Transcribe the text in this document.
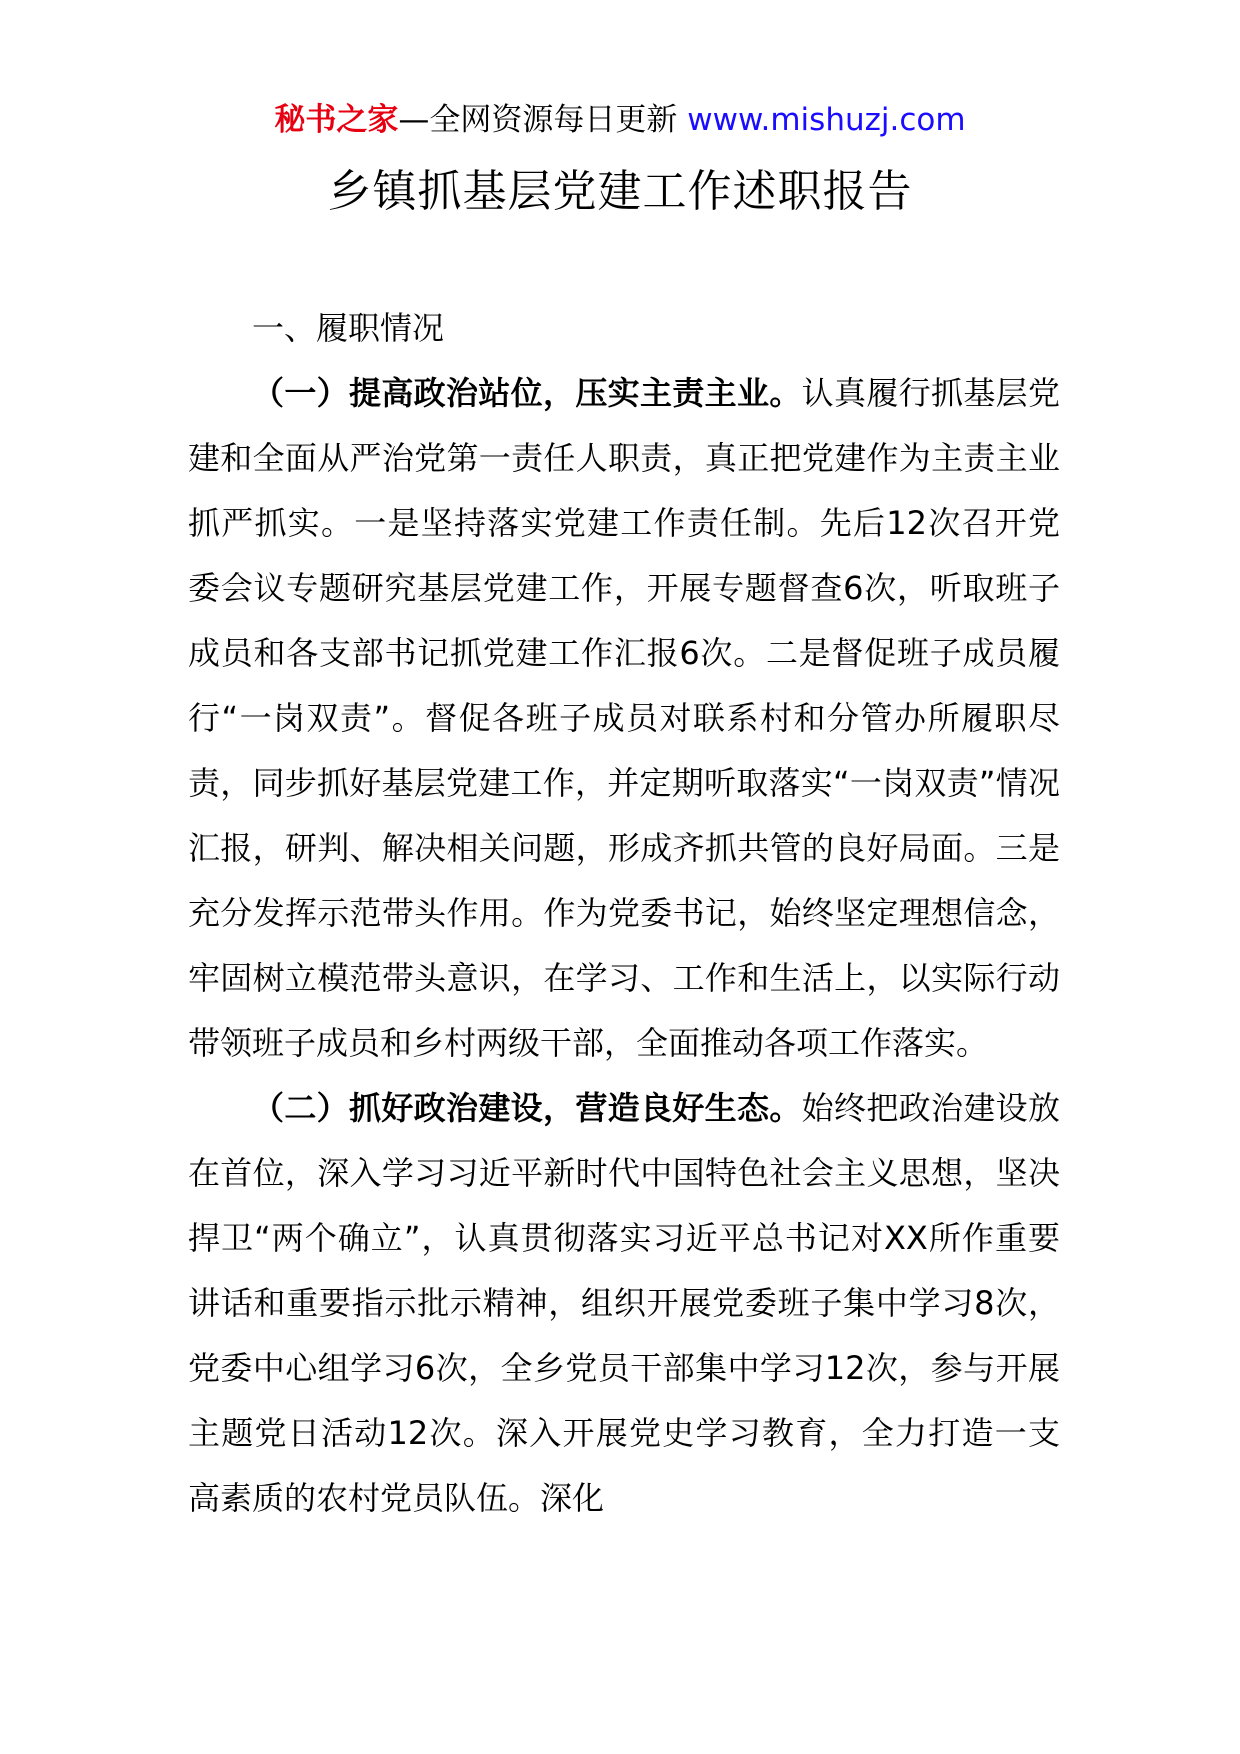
秘书之家—全网资源每日更新 www.mishuzj.com
乡镇抓基层党建工作述职报告

一、履职情况

（一）提高政治站位，压实主责主业。认真履行抓基层党建和全面从严治党第一责任人职责，真正把党建作为主责主业抓严抓实。一是坚持落实党建工作责任制。先后12次召开党委会议专题研究基层党建工作，开展专题督查6次，听取班子成员和各支部书记抓党建工作汇报6次。二是督促班子成员履行“一岗双责”。督促各班子成员对联系村和分管办所履职尽责，同步抓好基层党建工作，并定期听取落实“一岗双责”情况汇报，研判、解决相关问题，形成齐抓共管的良好局面。三是充分发挥示范带头作用。作为党委书记，始终坚定理想信念，牢固树立模范带头意识，在学习、工作和生活上，以实际行动带领班子成员和乡村两级干部，全面推动各项工作落实。

（二）抓好政治建设，营造良好生态。始终把政治建设放在首位，深入学习习近平新时代中国特色社会主义思想，坚决捍卫“两个确立”，认真贯彻落实习近平总书记对XX所作重要讲话和重要指示批示精神，组织开展党委班子集中学习8次，党委中心组学习6次，全乡党员干部集中学习12次，参与开展主题党日活动12次。深入开展党史学习教育，全力打造一支高素质的农村党员队伍。深化
